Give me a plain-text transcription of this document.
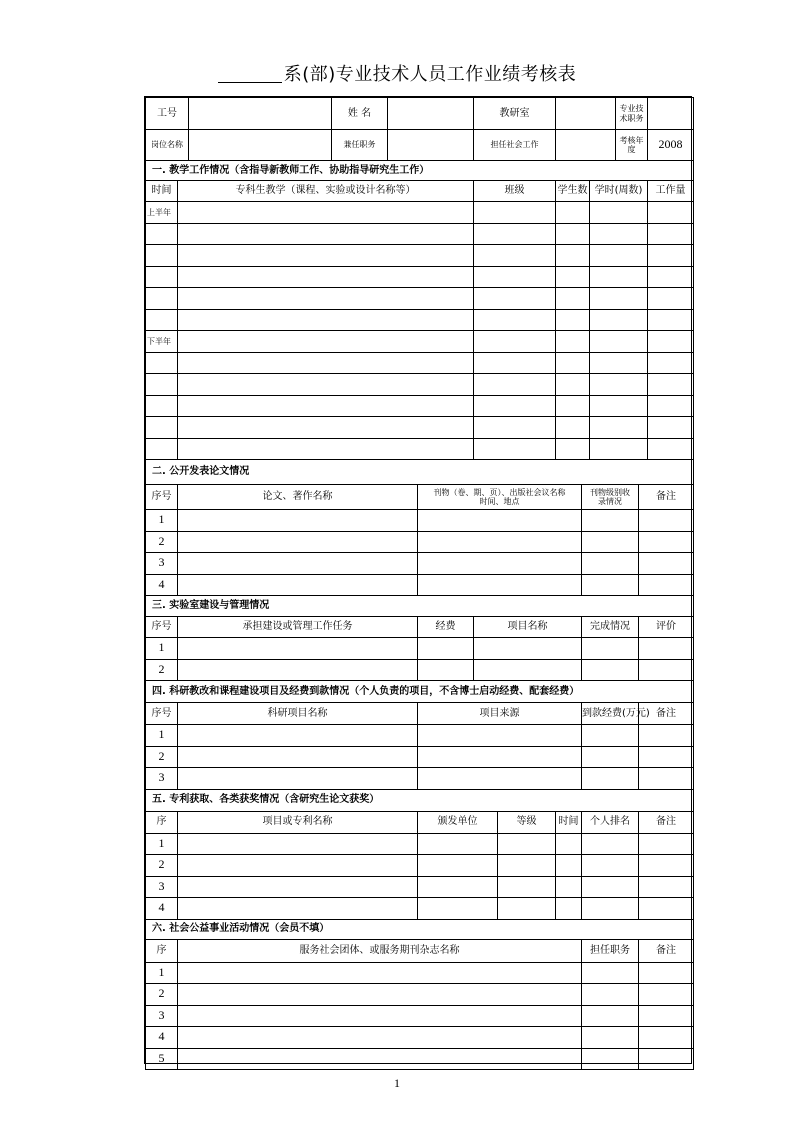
系(部)专业技术人员工作业绩考核表
工号			姓 名			教研室					专业技术职务		
岗位名称			兼任职务			担任社会工作					考核年度		2008
一. 教学工作情况（含指导新教师工作、协助指导研究生工作）													
时间	专科生教学（课程、实验或设计名称等）					班级		学生数		学时(周数)			工作量
上半年													

下半年													

二. 公开发表论文情况													
序号	论文、著作名称				刊物（卷、期、页）、出版社会议名称时间、地点				刊物级别收录情况			备注	
1													
2													
3													
4													
三. 实验室建设与管理情况													
序号	承担建设或管理工作任务				经费	项目名称			完成情况			评价	
1													
2													
四. 科研教改和课程建设项目及经费到款情况（个人负责的项目，不含博士启动经费、配套经费）													
序号	科研项目名称				项目来源				到款经费(万元)			备注	
1													
2													
3													
五. 专利获取、各类获奖情况（含研究生论文获奖）													
序	项目或专利名称				颁发单位		等级	时间	个人排名			备注	
1													
2													
3													
4													
六. 社会公益事业活动情况（会员不填）													
序	服务社会团体、或服务期刊杂志名称								担任职务			备注	
1													
2													
3													
4													
5													
1
